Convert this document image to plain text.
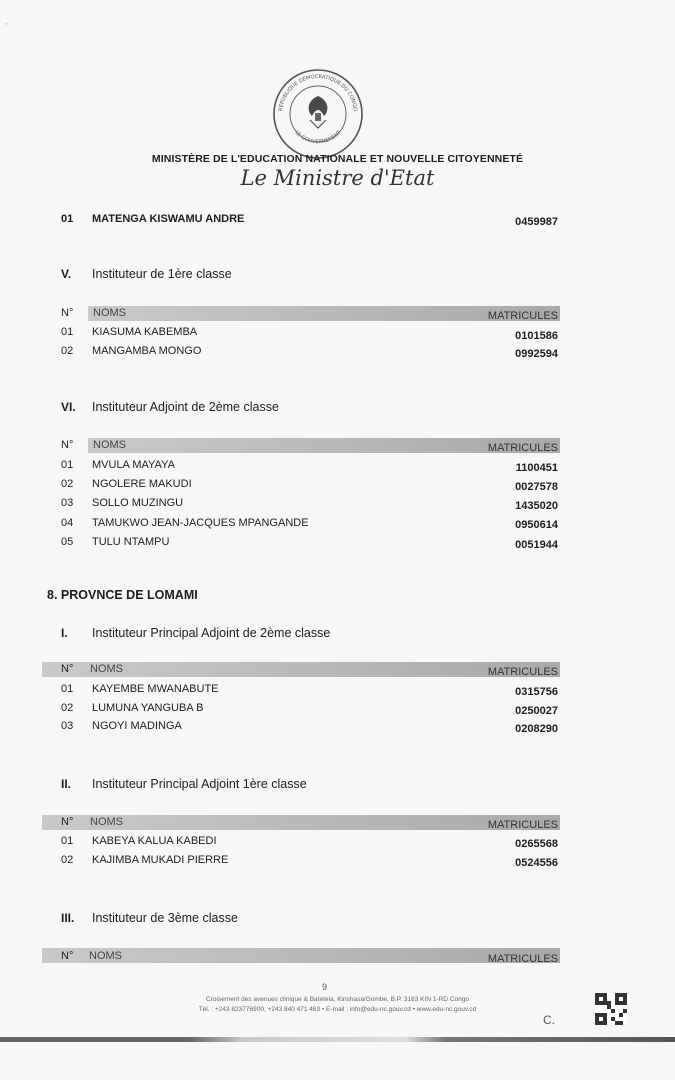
'
RÉPUBLIQUE DÉMOCRATIQUE DU CONGO
LE GOUVERNEMENT
MINISTÈRE DE L'EDUCATION NATIONALE ET NOUVELLE CITOYENNETÉ
Le Ministre d'Etat
01 MATENGA KISWAMU ANDRE	0459987
V. Instituteur de 1ère classe
N° NOMS	MATRICULES
01 KIASUMA KABEMBA	0101586
02 MANGAMBA MONGO	0992594
VI. Instituteur Adjoint de 2ème classe
N° NOMS	MATRICULES
01 MVULA MAYAYA	1100451
02 NGOLERE MAKUDI	0027578
03 SOLLO MUZINGU	1435020
04 TAMUKWO JEAN-JACQUES MPANGANDE	0950614
05 TULU NTAMPU	0051944
8. PROVNCE DE LOMAMI
I. Instituteur Principal Adjoint de 2ème classe
N° NOMS	MATRICULES
01 KAYEMBE MWANABUTE	0315756
02 LUMUNA YANGUBA B	0250027
03 NGOYI MADINGA	0208290
II. Instituteur Principal Adjoint 1ère classe
N° NOMS	MATRICULES
01 KABEYA KALUA KABEDI	0265568
02 KAJIMBA MUKADI PIERRE	0524556
III. Instituteur de 3ème classe
N° NOMS	MATRICULES
9
Croisement des avenues clinique & Batetela, Kinshasa/Gombe, B.P. 3163 KIN 1-RD Congo
Tél. : +243 823776900, +243 840 471 463 • E-mail : info@edu-nc.gouv.cd • www.edu-nc.gouv.cd
C.
